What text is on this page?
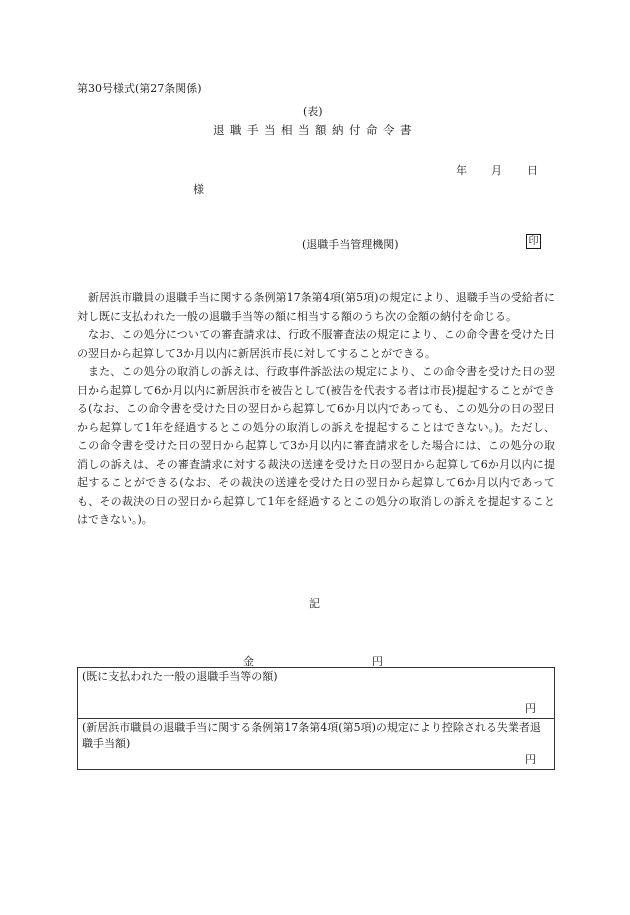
第30号様式(第27条関係)
(表)
退職手当相当額納付命令書
年 月 日
様
(退職手当管理機関)	印

新居浜市職員の退職手当に関する条例第17条第4項(第5項)の規定により、退職手当の受給者に対し既に支払われた一般の退職手当等の額に相当する額のうち次の金額の納付を命じる。

なお、この処分についての審査請求は、行政不服審査法の規定により、この命令書を受けた日の翌日から起算して3か月以内に新居浜市長に対してすることができる。

また、この処分の取消しの訴えは、行政事件訴訟法の規定により、この命令書を受けた日の翌日から起算して6か月以内に新居浜市を被告として(被告を代表する者は市長)提起することができる(なお、この命令書を受けた日の翌日から起算して6か月以内であっても、この処分の日の翌日から起算して1年を経過するとこの処分の取消しの訴えを提起することはできない。)。ただし、この命令書を受けた日の翌日から起算して3か月以内に審査請求をした場合には、この処分の取消しの訴えは、その審査請求に対する裁決の送達を受けた日の翌日から起算して6か月以内に提起することができる(なお、その裁決の送達を受けた日の翌日から起算して6か月以内であっても、その裁決の日の翌日から起算して1年を経過するとこの処分の取消しの訴えを提起することはできない。)。

記
金	円
(既に支払われた一般の退職手当等の額)
円
(新居浜市職員の退職手当に関する条例第17条第4項(第5項)の規定により控除される失業者退職手当額)
円
